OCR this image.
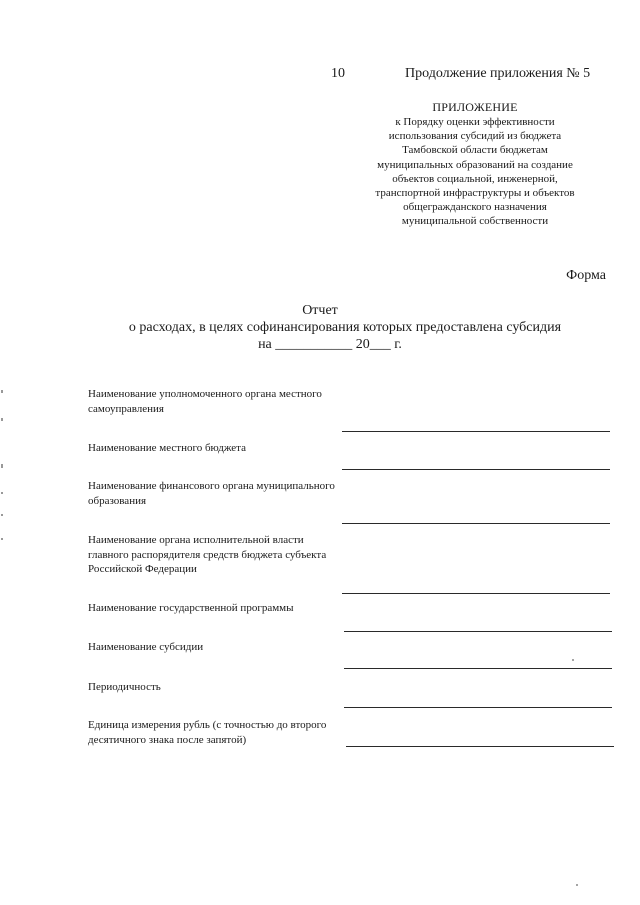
10	Продолжение приложения № 5
ПРИЛОЖЕНИЕ
к Порядку оценки эффективности
использования субсидий из бюджета
Тамбовской области бюджетам
муниципальных образований на создание
объектов социальной, инженерной,
транспортной инфраструктуры и объектов
общегражданского назначения
муниципальной собственности
Форма
Отчет
о расходах, в целях софинансирования которых предоставлена субсидия
на ___________ 20___ г.
Наименование уполномоченного органа местного самоуправления
Наименование местного бюджета
Наименование финансового органа муниципального образования
Наименование органа исполнительной власти главного распорядителя средств бюджета субъекта Российской Федерации
Наименование государственной программы
Наименование субсидии
Периодичность
Единица измерения рубль (с точностью до второго десятичного знака после запятой)
